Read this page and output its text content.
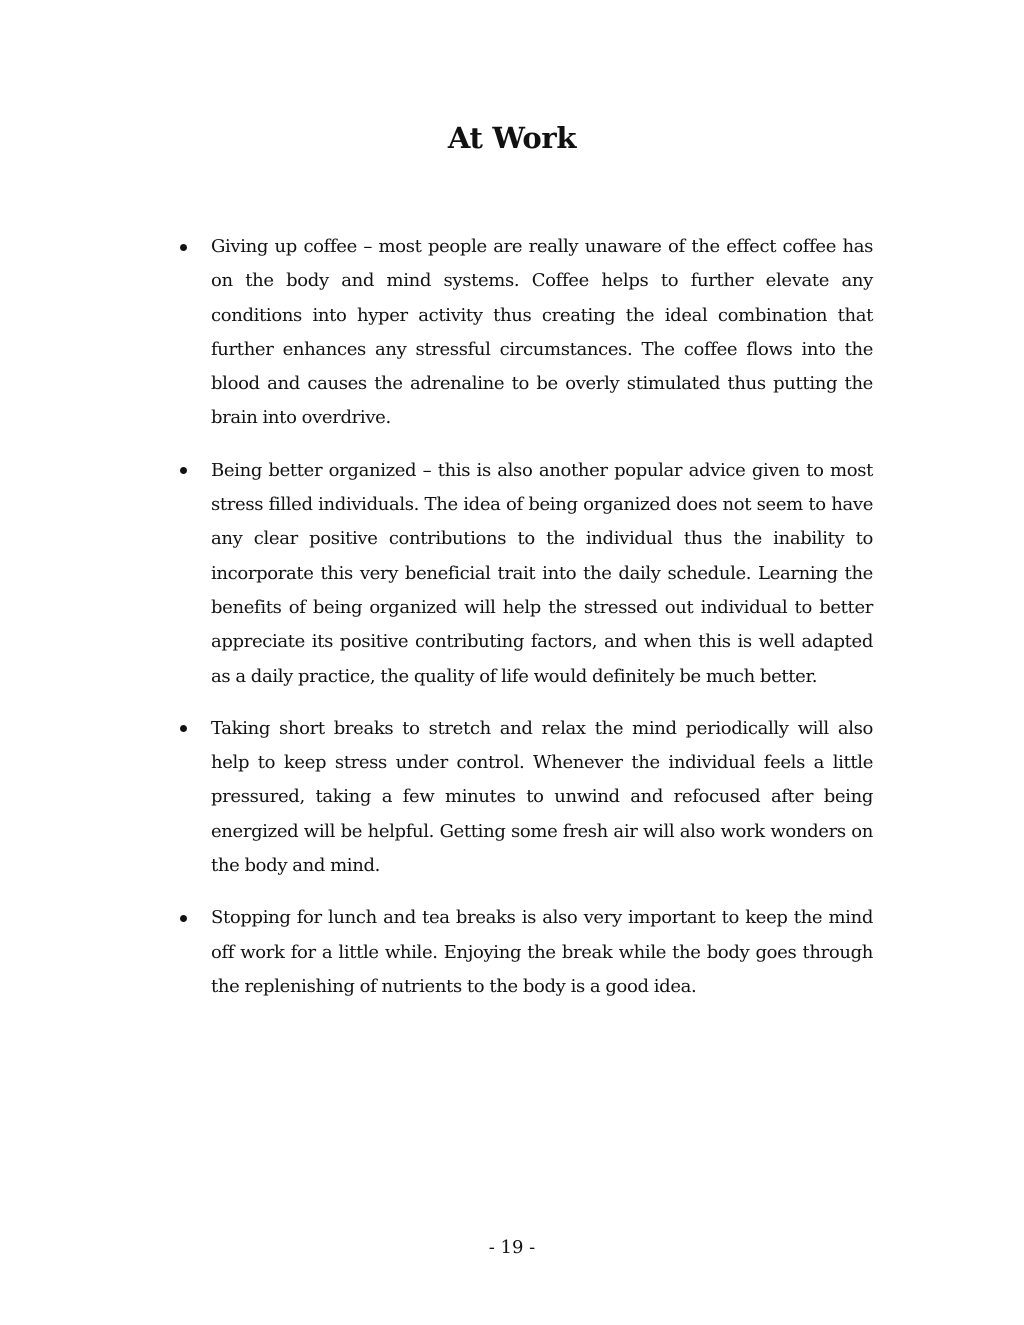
At Work
Giving up coffee – most people are really unaware of the effect coffee has on the body and mind systems. Coffee helps to further elevate any conditions into hyper activity thus creating the ideal combination that further enhances any stressful circumstances. The coffee flows into the blood and causes the adrenaline to be overly stimulated thus putting the brain into overdrive.
Being better organized – this is also another popular advice given to most stress filled individuals. The idea of being organized does not seem to have any clear positive contributions to the individual thus the inability to incorporate this very beneficial trait into the daily schedule. Learning the benefits of being organized will help the stressed out individual to better appreciate its positive contributing factors, and when this is well adapted as a daily practice, the quality of life would definitely be much better.
Taking short breaks to stretch and relax the mind periodically will also help to keep stress under control. Whenever the individual feels a little pressured, taking a few minutes to unwind and refocused after being energized will be helpful. Getting some fresh air will also work wonders on the body and mind.
Stopping for lunch and tea breaks is also very important to keep the mind off work for a little while. Enjoying the break while the body goes through the replenishing of nutrients to the body is a good idea.
- 19 -
